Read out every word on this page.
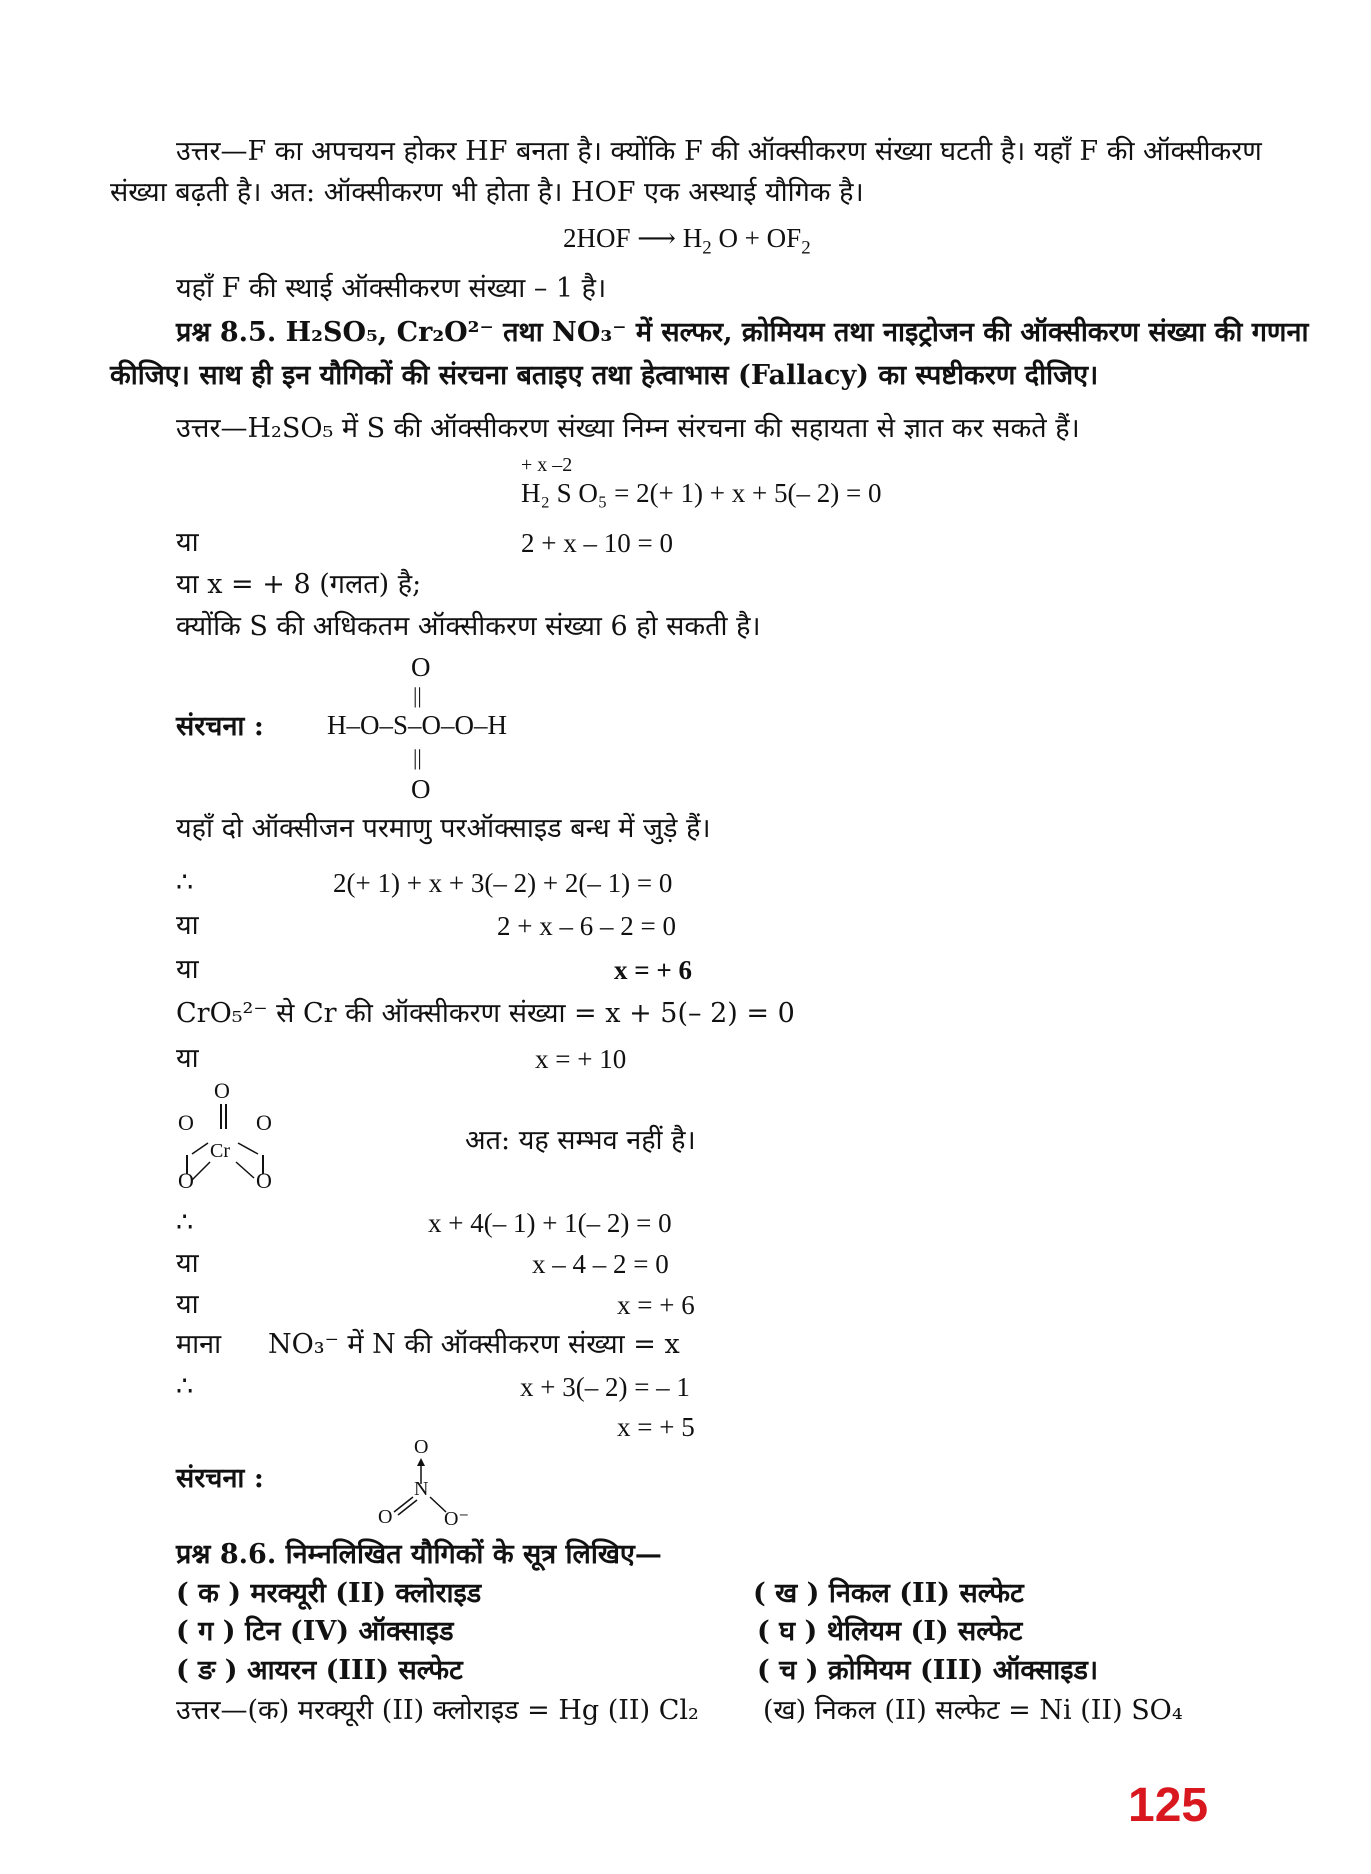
उत्तर—F का अपचयन होकर HF बनता है। क्योंकि F की ऑक्सीकरण संख्या घटती है। यहाँ F की ऑक्सीकरण
संख्या बढ़ती है। अत: ऑक्सीकरण भी होता है। HOF एक अस्थाई यौगिक है।
2HOF ⟶ $H_2$ $O + OF_2$
यहाँ F की स्थाई ऑक्सीकरण संख्या – 1 है।
प्रश्न 8.5. H₂SO₅, Cr₂O²⁻ तथा NO₃⁻ में सल्फर, क्रोमियम तथा नाइट्रोजन की ऑक्सीकरण संख्या की गणना
कीजिए। साथ ही इन यौगिकों की संरचना बताइए तथा हेत्वाभास (Fallacy) का स्पष्टीकरण दीजिए।
उत्तर—H₂SO₅ में S की ऑक्सीकरण संख्या निम्न संरचना की सहायता से ज्ञात कर सकते हैं।
+ x –2
H₂ S O₅ = 2(+ 1) + x + 5(– 2) = 0
या	2 + x – 10 = 0
या x = + 8 (गलत) है;
क्योंकि S की अधिकतम ऑक्सीकरण संख्या 6 हो सकती है।
O
||
संरचना : H–O–S–O–O–H
||
O
यहाँ दो ऑक्सीजन परमाणु परऑक्साइड बन्ध में जुड़े हैं।
∴	2(+ 1) + x + 3(– 2) + 2(– 1) = 0
या	2 + x – 6 – 2 = 0
या	x = + 6
CrO₅²⁻ से Cr की ऑक्सीकरण संख्या = x + 5(– 2) = 0
या	x = + 10
O
O	O
Cr
O	O
अत: यह सम्भव नहीं है।
∴	x + 4(– 1) + 1(– 2) = 0
या	x – 4 – 2 = 0
या	x = + 6
माना NO₃⁻ में N की ऑक्सीकरण संख्या = x
∴	x + 3(– 2) = – 1
x = + 5
संरचना :
O
N
O	O⁻
प्रश्न 8.6. निम्नलिखित यौगिकों के सूत्र लिखिए—
( क ) मरक्यूरी (II) क्लोराइड	( ख ) निकल (II) सल्फेट
( ग ) टिन (IV) ऑक्साइड	( घ ) थेलियम (I) सल्फेट
( ङ ) आयरन (III) सल्फेट	( च ) क्रोमियम (III) ऑक्साइड।
उत्तर—(क) मरक्यूरी (II) क्लोराइड = Hg (II) Cl₂ (ख) निकल (II) सल्फेट = Ni (II) SO₄
125
